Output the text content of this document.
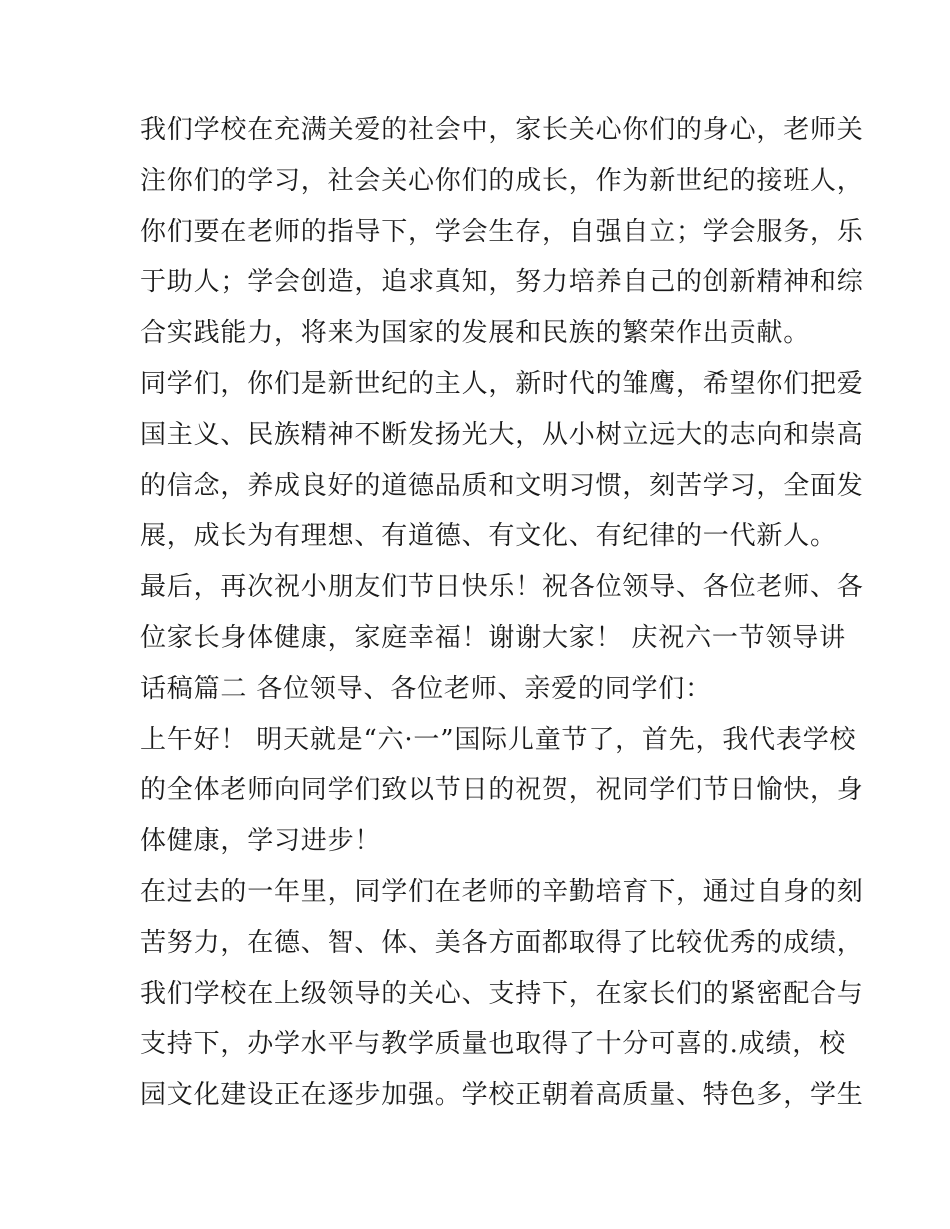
我们学校在充满关爱的社会中，家长关心你们的身心，老师关
注你们的学习，社会关心你们的成长，作为新世纪的接班人，
你们要在老师的指导下，学会生存，自强自立；学会服务，乐
于助人；学会创造，追求真知，努力培养自己的创新精神和综
合实践能力，将来为国家的发展和民族的繁荣作出贡献。
同学们，你们是新世纪的主人，新时代的雏鹰，希望你们把爱
国主义、民族精神不断发扬光大，从小树立远大的志向和崇高
的信念，养成良好的道德品质和文明习惯，刻苦学习，全面发
展，成长为有理想、有道德、有文化、有纪律的一代新人。
最后，再次祝小朋友们节日快乐！祝各位领导、各位老师、各
位家长身体健康，家庭幸福！谢谢大家！ 庆祝六一节领导讲
话稿篇二 各位领导、各位老师、亲爱的同学们：
上午好！ 明天就是“六·一”国际儿童节了，首先，我代表学校
的全体老师向同学们致以节日的祝贺，祝同学们节日愉快，身
体健康，学习进步！
在过去的一年里，同学们在老师的辛勤培育下，通过自身的刻
苦努力，在德、智、体、美各方面都取得了比较优秀的成绩，
我们学校在上级领导的关心、支持下，在家长们的紧密配合与
支持下，办学水平与教学质量也取得了十分可喜的.成绩，校
园文化建设正在逐步加强。学校正朝着高质量、特色多，学生
